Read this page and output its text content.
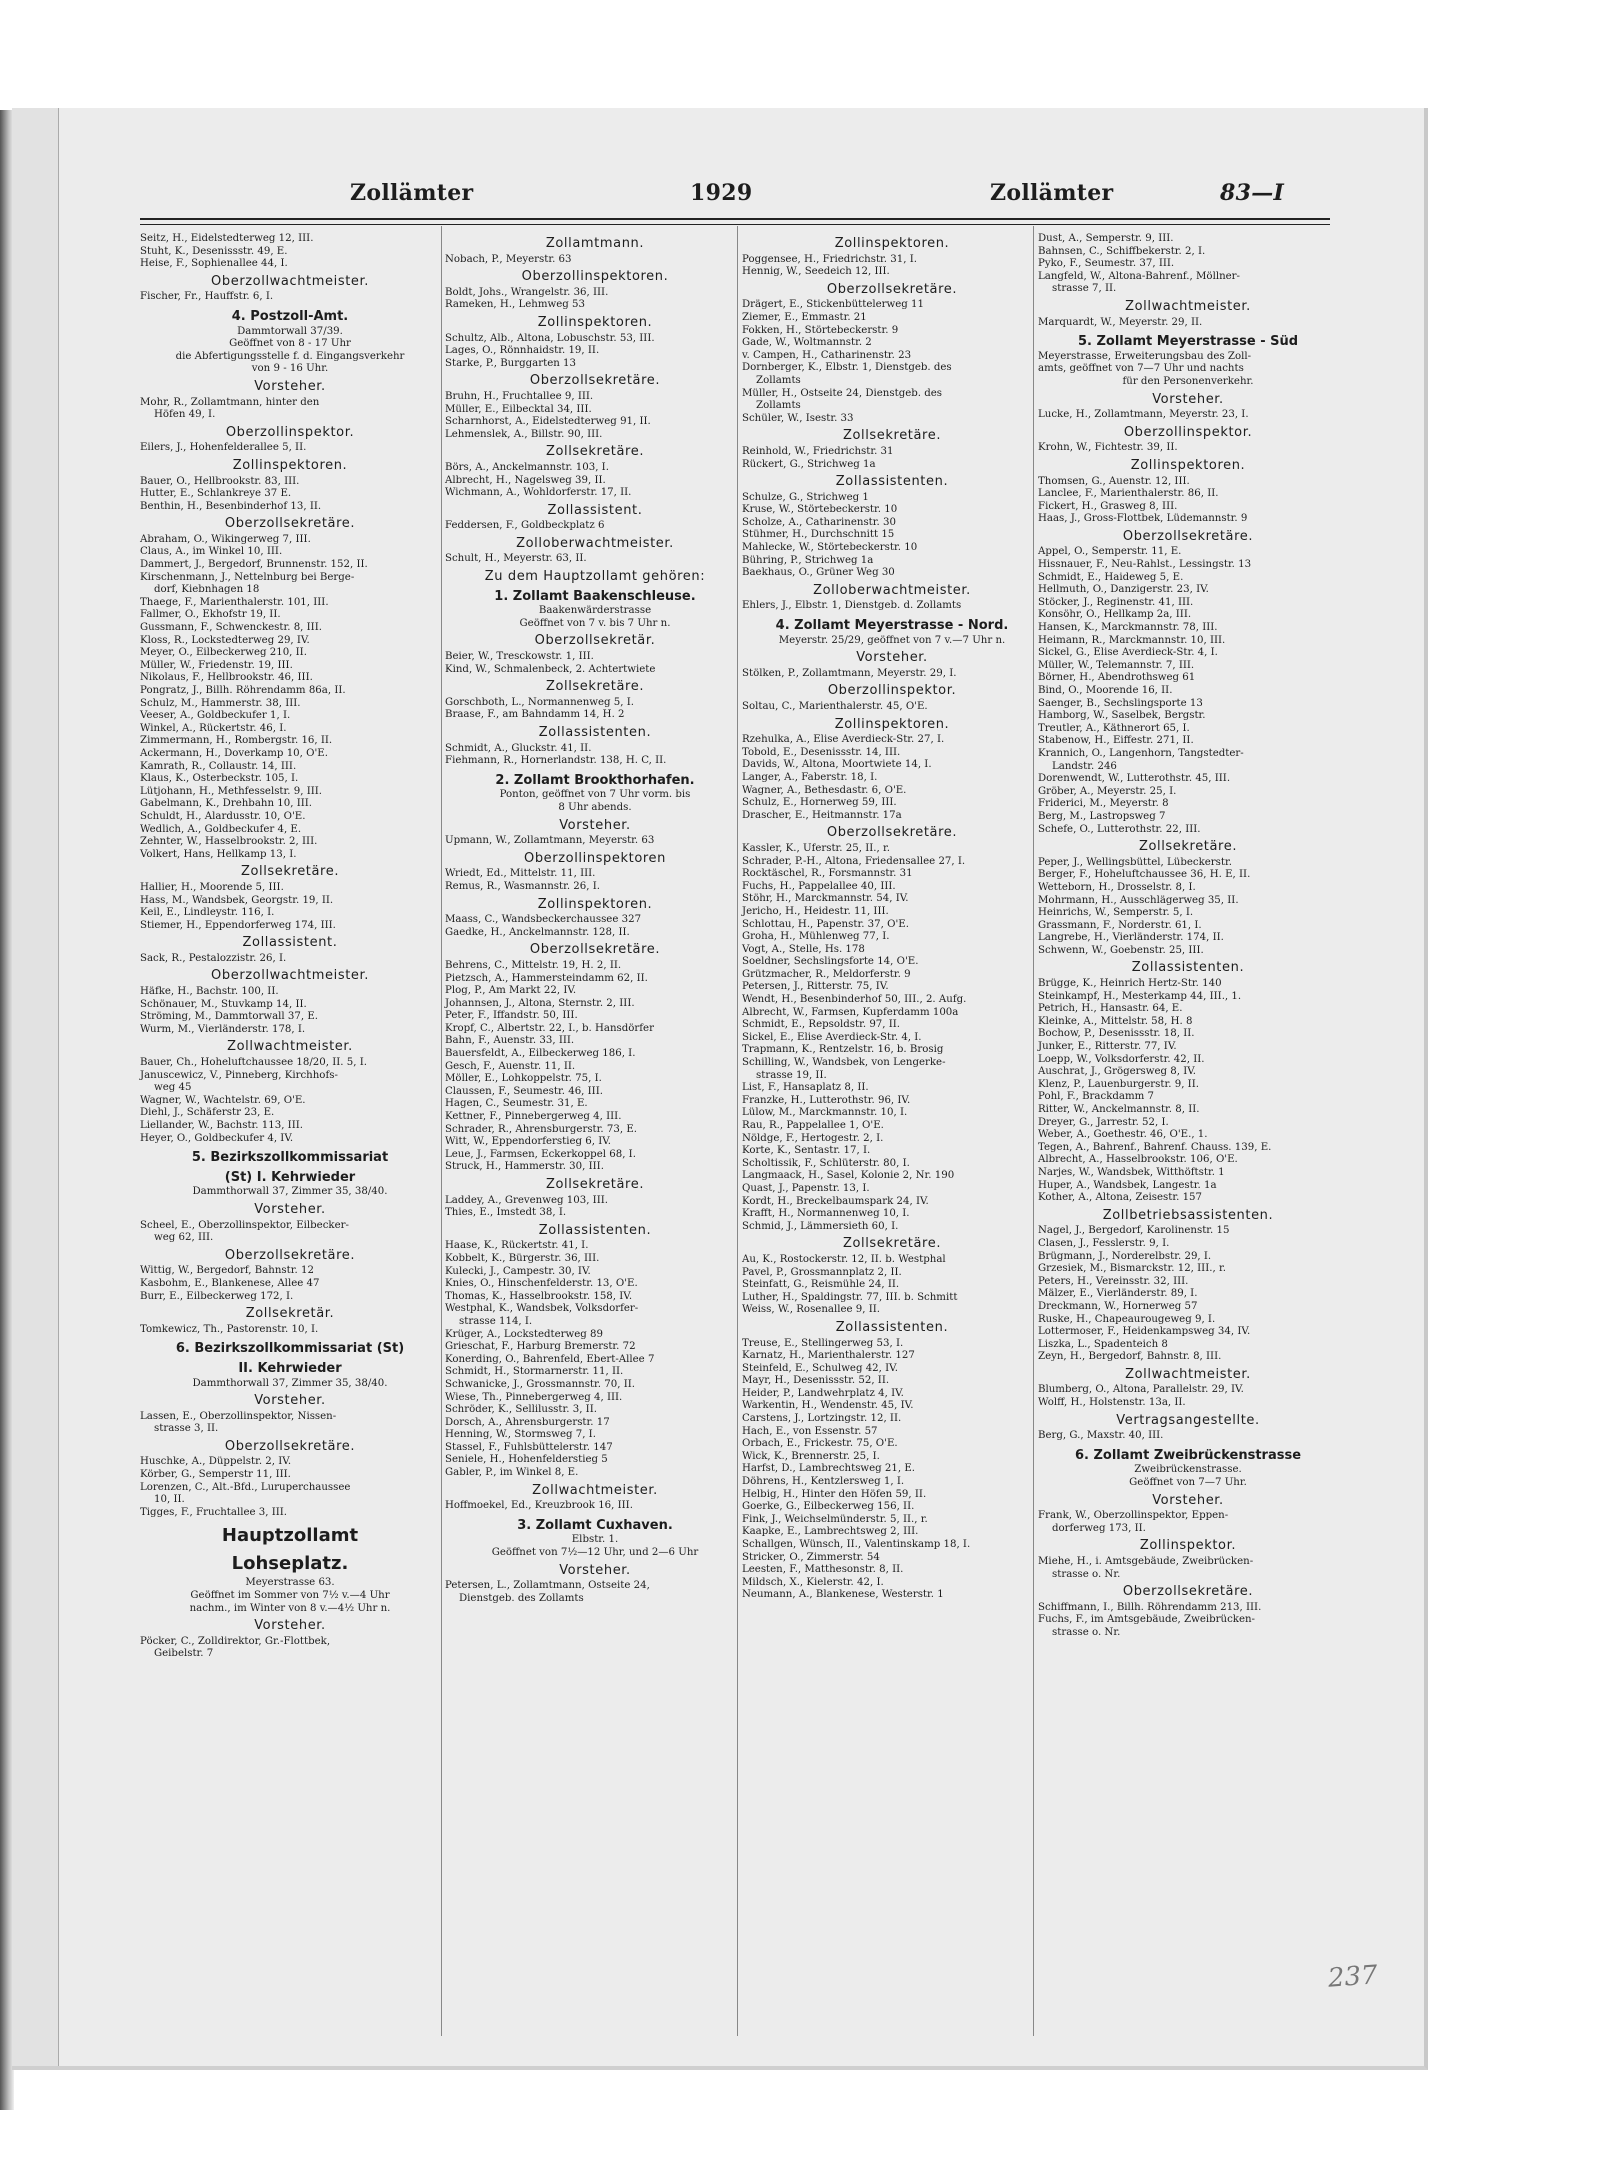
Zollämter	1929	Zollämter	83—I
Seitz, H., Eidelstedterweg 12, III.
Stuht, K., Desenissstr. 49, E.
Heise, F., Sophienallee 44, I.
Oberzollwachtmeister.
Fischer, Fr., Hauffstr. 6, I.
4. Postzoll-Amt.
Dammtorwall 37/39.
Geöffnet von 8 - 17 Uhr
die Abfertigungsstelle f. d. Eingangsverkehr
von 9 - 16 Uhr.
Vorsteher.
Mohr, R., Zollamtmann, hinter den
Höfen 49, I.
Oberzollinspektor.
Eilers, J., Hohenfelderallee 5, II.
Zollinspektoren.
Bauer, O., Hellbrookstr. 83, III.
Hutter, E., Schlankreye 37 E.
Benthin, H., Besenbinderhof 13, II.
Oberzollsekretäre.
Abraham, O., Wikingerweg 7, III.
Claus, A., im Winkel 10, III.
Dammert, J., Bergedorf, Brunnenstr. 152, II.
Kirschenmann, J., Nettelnburg bei Berge-
dorf, Kiebnhagen 18
Thaege, F., Marienthalerstr. 101, III.
Fallmer, O., Ekhofstr 19, II.
Gussmann, F., Schwenckestr. 8, III.
Kloss, R., Lockstedterweg 29, IV.
Meyer, O., Eilbeckerweg 210, II.
Müller, W., Friedenstr. 19, III.
Nikolaus, F., Hellbrookstr. 46, III.
Pongratz, J., Billh. Röhrendamm 86a, II.
Schulz, M., Hammerstr. 38, III.
Veeser, A., Goldbeckufer 1, I.
Winkel, A., Rückertstr. 46, I.
Zimmermann, H., Rombergstr. 16, II.
Ackermann, H., Doverkamp 10, O'E.
Kamrath, R., Collaustr. 14, III.
Klaus, K., Osterbeckstr. 105, I.
Lütjohann, H., Methfesselstr. 9, III.
Gabelmann, K., Drehbahn 10, III.
Schuldt, H., Alardusstr. 10, O'E.
Wedlich, A., Goldbeckufer 4, E.
Zehnter, W., Hasselbrookstr. 2, III.
Volkert, Hans, Hellkamp 13, I.
Zollsekretäre.
Hallier, H., Moorende 5, III.
Hass, M., Wandsbek, Georgstr. 19, II.
Keil, E., Lindleystr. 116, I.
Stiemer, H., Eppendorferweg 174, III.
Zollassistent.
Sack, R., Pestalozzistr. 26, I.
Oberzollwachtmeister.
Häfke, H., Bachstr. 100, II.
Schönauer, M., Stuvkamp 14, II.
Ströming, M., Dammtorwall 37, E.
Wurm, M., Vierländerstr. 178, I.
Zollwachtmeister.
Bauer, Ch., Hoheluftchaussee 18/20, II. 5, I.
Januscewicz, V., Pinneberg, Kirchhofs-
weg 45
Wagner, W., Wachtelstr. 69, O'E.
Diehl, J., Schäferstr 23, E.
Liellander, W., Bachstr. 113, III.
Heyer, O., Goldbeckufer 4, IV.
5. Bezirkszollkommissariat
(St) I. Kehrwieder
Dammthorwall 37, Zimmer 35, 38/40.
Vorsteher.
Scheel, E., Oberzollinspektor, Eilbecker-
weg 62, III.
Oberzollsekretäre.
Wittig, W., Bergedorf, Bahnstr. 12
Kasbohm, E., Blankenese, Allee 47
Burr, E., Eilbeckerweg 172, I.
Zollsekretär.
Tomkewicz, Th., Pastorenstr. 10, I.
6. Bezirkszollkommissariat (St)
II. Kehrwieder
Dammthorwall 37, Zimmer 35, 38/40.
Vorsteher.
Lassen, E., Oberzollinspektor, Nissen-
strasse 3, II.
Oberzollsekretäre.
Huschke, A., Düppelstr. 2, IV.
Körber, G., Semperstr 11, III.
Lorenzen, C., Alt.-Bfd., Luruperchaussee
10, II.
Tigges, F., Fruchtallee 3, III.
Hauptzollamt
Lohseplatz.
Meyerstrasse 63.
Geöffnet im Sommer von 7½ v.—4 Uhr
nachm., im Winter von 8 v.—4½ Uhr n.
Vorsteher.
Pöcker, C., Zolldirektor, Gr.-Flottbek,
Geibelstr. 7
Zollamtmann.
Nobach, P., Meyerstr. 63
Oberzollinspektoren.
Boldt, Johs., Wrangelstr. 36, III.
Rameken, H., Lehmweg 53
Zollinspektoren.
Schultz, Alb., Altona, Lobuschstr. 53, III.
Lages, O., Rönnhaidstr. 19, II.
Starke, P., Burggarten 13
Oberzollsekretäre.
Bruhn, H., Fruchtallee 9, III.
Müller, E., Eilbecktal 34, III.
Scharnhorst, A., Eidelstedterweg 91, II.
Lehmenslek, A., Billstr. 90, III.
Zollsekretäre.
Börs, A., Anckelmannstr. 103, I.
Albrecht, H., Nagelsweg 39, II.
Wichmann, A., Wohldorferstr. 17, II.
Zollassistent.
Feddersen, F., Goldbeckplatz 6
Zolloberwachtmeister.
Schult, H., Meyerstr. 63, II.
Zu dem Hauptzollamt gehören:
1. Zollamt Baakenschleuse.
Baakenwärderstrasse
Geöffnet von 7 v. bis 7 Uhr n.
Oberzollsekretär.
Beier, W., Tresckowstr. 1, III.
Kind, W., Schmalenbeck, 2. Achtertwiete
Zollsekretäre.
Gorschboth, L., Normannenweg 5, I.
Braase, F., am Bahndamm 14, H. 2
Zollassistenten.
Schmidt, A., Gluckstr. 41, II.
Fiehmann, R., Hornerlandstr. 138, H. C, II.
2. Zollamt Brookthorhafen.
Ponton, geöffnet von 7 Uhr vorm. bis
8 Uhr abends.
Vorsteher.
Upmann, W., Zollamtmann, Meyerstr. 63
Oberzollinspektoren
Wriedt, Ed., Mittelstr. 11, III.
Remus, R., Wasmannstr. 26, I.
Zollinspektoren.
Maass, C., Wandsbeckerchaussee 327
Gaedke, H., Anckelmannstr. 128, II.
Oberzollsekretäre.
Behrens, C., Mittelstr. 19, H. 2, II.
Pietzsch, A., Hammersteindamm 62, II.
Plog, P., Am Markt 22, IV.
Johannsen, J., Altona, Sternstr. 2, III.
Peter, F., Iffandstr. 50, III.
Kropf, C., Albertstr. 22, I., b. Hansdörfer
Bahn, F., Auenstr. 33, III.
Bauersfeldt, A., Eilbeckerweg 186, I.
Gesch, F., Auenstr. 11, II.
Möller, E., Lohkoppelstr. 75, I.
Claussen, F., Seumestr. 46, III.
Hagen, C., Seumestr. 31, E.
Kettner, F., Pinnebergerweg 4, III.
Schrader, R., Ahrensburgerstr. 73, E.
Witt, W., Eppendorferstieg 6, IV.
Leue, J., Farmsen, Eckerkoppel 68, I.
Struck, H., Hammerstr. 30, III.
Zollsekretäre.
Laddey, A., Grevenweg 103, III.
Thies, E., Imstedt 38, I.
Zollassistenten.
Haase, K., Rückertstr. 41, I.
Kobbelt, K., Bürgerstr. 36, III.
Kulecki, J., Campestr. 30, IV.
Knies, O., Hinschenfelderstr. 13, O'E.
Thomas, K., Hasselbrookstr. 158, IV.
Westphal, K., Wandsbek, Volksdorfer-
strasse 114, I.
Krüger, A., Lockstedterweg 89
Grieschat, F., Harburg Bremerstr. 72
Konerding, O., Bahrenfeld, Ebert-Allee 7
Schmidt, H., Stormarnerstr. 11, II.
Schwanicke, J., Grossmannstr. 70, II.
Wiese, Th., Pinnebergerweg 4, III.
Schröder, K., Sellilusstr. 3, II.
Dorsch, A., Ahrensburgerstr. 17
Henning, W., Stormsweg 7, I.
Stassel, F., Fuhlsbüttelerstr. 147
Seniele, H., Hohenfelderstieg 5
Gabler, P., im Winkel 8, E.
Zollwachtmeister.
Hoffmoekel, Ed., Kreuzbrook 16, III.
3. Zollamt Cuxhaven.
Elbstr. 1.
Geöffnet von 7½—12 Uhr, und 2—6 Uhr
Vorsteher.
Petersen, L., Zollamtmann, Ostseite 24,
Dienstgeb. des Zollamts
Zollinspektoren.
Poggensee, H., Friedrichstr. 31, I.
Hennig, W., Seedeich 12, III.
Oberzollsekretäre.
Drägert, E., Stickenbüttelerweg 11
Ziemer, E., Emmastr. 21
Fokken, H., Störtebeckerstr. 9
Gade, W., Woltmannstr. 2
v. Campen, H., Catharinenstr. 23
Dornberger, K., Elbstr. 1, Dienstgeb. des
Zollamts
Müller, H., Ostseite 24, Dienstgeb. des
Zollamts
Schüler, W., Isestr. 33
Zollsekretäre.
Reinhold, W., Friedrichstr. 31
Rückert, G., Strichweg 1a
Zollassistenten.
Schulze, G., Strichweg 1
Kruse, W., Störtebeckerstr. 10
Scholze, A., Catharinenstr. 30
Stühmer, H., Durchschnitt 15
Mahlecke, W., Störtebeckerstr. 10
Bühring, P., Strichweg 1a
Baekhaus, O., Grüner Weg 30
Zolloberwachtmeister.
Ehlers, J., Elbstr. 1, Dienstgeb. d. Zollamts
4. Zollamt Meyerstrasse - Nord.
Meyerstr. 25/29, geöffnet von 7 v.—7 Uhr n.
Vorsteher.
Stölken, P., Zollamtmann, Meyerstr. 29, I.
Oberzollinspektor.
Soltau, C., Marienthalerstr. 45, O'E.
Zollinspektoren.
Rzehulka, A., Elise Averdieck-Str. 27, I.
Tobold, E., Desenissstr. 14, III.
Davids, W., Altona, Moortwiete 14, I.
Langer, A., Faberstr. 18, I.
Wagner, A., Bethesdastr. 6, O'E.
Schulz, E., Hornerweg 59, III.
Drascher, E., Heitmannstr. 17a
Oberzollsekretäre.
Kassler, K., Uferstr. 25, II., r.
Schrader, P.-H., Altona, Friedensallee 27, I.
Rocktäschel, R., Forsmannstr. 31
Fuchs, H., Pappelallee 40, III.
Stöhr, H., Marckmannstr. 54, IV.
Jericho, H., Heidestr. 11, III.
Schlottau, H., Papenstr. 37, O'E.
Groha, H., Mühlenweg 77, I.
Vogt, A., Stelle, Hs. 178
Soeldner, Sechslingsforte 14, O'E.
Grützmacher, R., Meldorferstr. 9
Petersen, J., Ritterstr. 75, IV.
Wendt, H., Besenbinderhof 50, III., 2. Aufg.
Albrecht, W., Farmsen, Kupferdamm 100a
Schmidt, E., Repsoldstr. 97, II.
Sickel, E., Elise Averdieck-Str. 4, I.
Trapmann, K., Rentzelstr. 16, b. Brosig
Schilling, W., Wandsbek, von Lengerke-
strasse 19, II.
List, F., Hansaplatz 8, II.
Franzke, H., Lutterothstr. 96, IV.
Lülow, M., Marckmannstr. 10, I.
Rau, R., Pappelallee 1, O'E.
Nöldge, F., Hertogestr. 2, I.
Korte, K., Sentastr. 17, I.
Scholtissik, F., Schlüterstr. 80, I.
Langmaack, H., Sasel, Kolonie 2, Nr. 190
Quast, J., Papenstr. 13, I.
Kordt, H., Breckelbaumspark 24, IV.
Krafft, H., Normannenweg 10, I.
Schmid, J., Lämmersieth 60, I.
Zollsekretäre.
Au, K., Rostockerstr. 12, II. b. Westphal
Pavel, P., Grossmannplatz 2, II.
Steinfatt, G., Reismühle 24, II.
Luther, H., Spaldingstr. 77, III. b. Schmitt
Weiss, W., Rosenallee 9, II.
Zollassistenten.
Treuse, E., Stellingerweg 53, I.
Karnatz, H., Marienthalerstr. 127
Steinfeld, E., Schulweg 42, IV.
Mayr, H., Desenissstr. 52, II.
Heider, P., Landwehrplatz 4, IV.
Warkentin, H., Wendenstr. 45, IV.
Carstens, J., Lortzingstr. 12, II.
Hach, E., von Essenstr. 57
Orbach, E., Frickestr. 75, O'E.
Wick, K., Brennerstr. 25, I.
Harfst, D., Lambrechtsweg 21, E.
Döhrens, H., Kentzlersweg 1, I.
Helbig, H., Hinter den Höfen 59, II.
Goerke, G., Eilbeckerweg 156, II.
Fink, J., Weichselmünderstr. 5, II., r.
Kaapke, E., Lambrechtsweg 2, III.
Schallgen, Wünsch, II., Valentinskamp 18, I.
Stricker, O., Zimmerstr. 54
Leesten, F., Matthesonstr. 8, II.
Mildsch, X., Kielerstr. 42, I.
Neumann, A., Blankenese, Westerstr. 1
Dust, A., Semperstr. 9, III.
Bahnsen, C., Schiffbekerstr. 2, I.
Pyko, F., Seumestr. 37, III.
Langfeld, W., Altona-Bahrenf., Möllner-
strasse 7, II.
Zollwachtmeister.
Marquardt, W., Meyerstr. 29, II.
5. Zollamt Meyerstrasse - Süd
Meyerstrasse, Erweiterungsbau des Zoll-
amts, geöffnet von 7—7 Uhr und nachts
für den Personenverkehr.
Vorsteher.
Lucke, H., Zollamtmann, Meyerstr. 23, I.
Oberzollinspektor.
Krohn, W., Fichtestr. 39, II.
Zollinspektoren.
Thomsen, G., Auenstr. 12, III.
Lanclee, F., Marienthalerstr. 86, II.
Fickert, H., Grasweg 8, III.
Haas, J., Gross-Flottbek, Lüdemannstr. 9
Oberzollsekretäre.
Appel, O., Semperstr. 11, E.
Hissnauer, F., Neu-Rahlst., Lessingstr. 13
Schmidt, E., Haideweg 5, E.
Hellmuth, O., Danzigerstr. 23, IV.
Stöcker, J., Reginenstr. 41, III.
Konsöhr, O., Hellkamp 2a, III.
Hansen, K., Marckmannstr. 78, III.
Heimann, R., Marckmannstr. 10, III.
Sickel, G., Elise Averdieck-Str. 4, I.
Müller, W., Telemannstr. 7, III.
Börner, H., Abendrothsweg 61
Bind, O., Moorende 16, II.
Saenger, B., Sechslingsporte 13
Hamborg, W., Saselbek, Bergstr.
Treutler, A., Käthnerort 65, I.
Stabenow, H., Eiffestr. 271, II.
Krannich, O., Langenhorn, Tangstedter-
Landstr. 246
Dorenwendt, W., Lutterothstr. 45, III.
Gröber, A., Meyerstr. 25, I.
Friderici, M., Meyerstr. 8
Berg, M., Lastropsweg 7
Schefe, O., Lutterothstr. 22, III.
Zollsekretäre.
Peper, J., Wellingsbüttel, Lübeckerstr.
Berger, F., Hoheluftchaussee 36, H. E, II.
Wetteborn, H., Drosselstr. 8, I.
Mohrmann, H., Ausschlägerweg 35, II.
Heinrichs, W., Semperstr. 5, I.
Grassmann, F., Norderstr. 61, I.
Langrebe, H., Vierländerstr. 174, II.
Schwenn, W., Goebenstr. 25, III.
Zollassistenten.
Brügge, K., Heinrich Hertz-Str. 140
Steinkampf, H., Mesterkamp 44, III., 1.
Petrich, H., Hansastr. 64, E.
Kleinke, A., Mittelstr. 58, H. 8
Bochow, P., Desenissstr. 18, II.
Junker, E., Ritterstr. 77, IV.
Loepp, W., Volksdorferstr. 42, II.
Auschrat, J., Grögersweg 8, IV.
Klenz, P., Lauenburgerstr. 9, II.
Pohl, F., Brackdamm 7
Ritter, W., Anckelmannstr. 8, II.
Dreyer, G., Jarrestr. 52, I.
Weber, A., Goethestr. 46, O'E., 1.
Tegen, A., Bahrenf., Bahrenf. Chauss. 139, E.
Albrecht, A., Hasselbrookstr. 106, O'E.
Narjes, W., Wandsbek, Witthöftstr. 1
Huper, A., Wandsbek, Langestr. 1a
Kother, A., Altona, Zeisestr. 157
Zollbetriebsassistenten.
Nagel, J., Bergedorf, Karolinenstr. 15
Clasen, J., Fesslerstr. 9, I.
Brügmann, J., Norderelbstr. 29, I.
Grzesiek, M., Bismarckstr. 12, III., r.
Peters, H., Vereinsstr. 32, III.
Mälzer, E., Vierländerstr. 89, I.
Dreckmann, W., Hornerweg 57
Ruske, H., Chapeaurougeweg 9, I.
Lottermoser, F., Heidenkampsweg 34, IV.
Liszka, L., Spadenteich 8
Zeyn, H., Bergedorf, Bahnstr. 8, III.
Zollwachtmeister.
Blumberg, O., Altona, Parallelstr. 29, IV.
Wolff, H., Holstenstr. 13a, II.
Vertragsangestellte.
Berg, G., Maxstr. 40, III.
6. Zollamt Zweibrückenstrasse
Zweibrückenstrasse.
Geöffnet von 7—7 Uhr.
Vorsteher.
Frank, W., Oberzollinspektor, Eppen-
dorferweg 173, II.
Zollinspektor.
Miehe, H., i. Amtsgebäude, Zweibrücken-
strasse o. Nr.
Oberzollsekretäre.
Schiffmann, I., Billh. Röhrendamm 213, III.
Fuchs, F., im Amtsgebäude, Zweibrücken-
strasse o. Nr.
237
